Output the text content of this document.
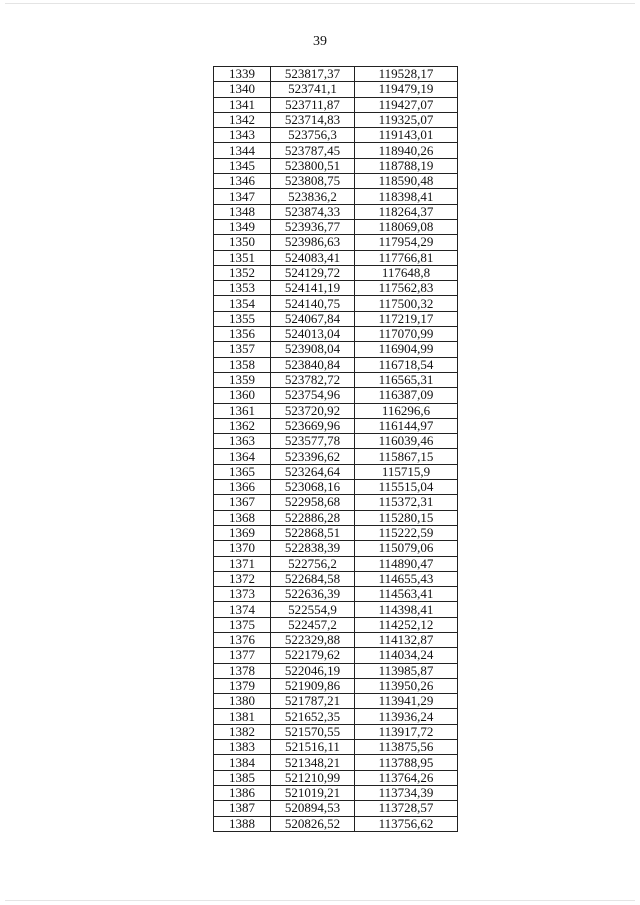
39
1339	523817,37	119528,17
1340	523741,1	119479,19
1341	523711,87	119427,07
1342	523714,83	119325,07
1343	523756,3	119143,01
1344	523787,45	118940,26
1345	523800,51	118788,19
1346	523808,75	118590,48
1347	523836,2	118398,41
1348	523874,33	118264,37
1349	523936,77	118069,08
1350	523986,63	117954,29
1351	524083,41	117766,81
1352	524129,72	117648,8
1353	524141,19	117562,83
1354	524140,75	117500,32
1355	524067,84	117219,17
1356	524013,04	117070,99
1357	523908,04	116904,99
1358	523840,84	116718,54
1359	523782,72	116565,31
1360	523754,96	116387,09
1361	523720,92	116296,6
1362	523669,96	116144,97
1363	523577,78	116039,46
1364	523396,62	115867,15
1365	523264,64	115715,9
1366	523068,16	115515,04
1367	522958,68	115372,31
1368	522886,28	115280,15
1369	522868,51	115222,59
1370	522838,39	115079,06
1371	522756,2	114890,47
1372	522684,58	114655,43
1373	522636,39	114563,41
1374	522554,9	114398,41
1375	522457,2	114252,12
1376	522329,88	114132,87
1377	522179,62	114034,24
1378	522046,19	113985,87
1379	521909,86	113950,26
1380	521787,21	113941,29
1381	521652,35	113936,24
1382	521570,55	113917,72
1383	521516,11	113875,56
1384	521348,21	113788,95
1385	521210,99	113764,26
1386	521019,21	113734,39
1387	520894,53	113728,57
1388	520826,52	113756,62
